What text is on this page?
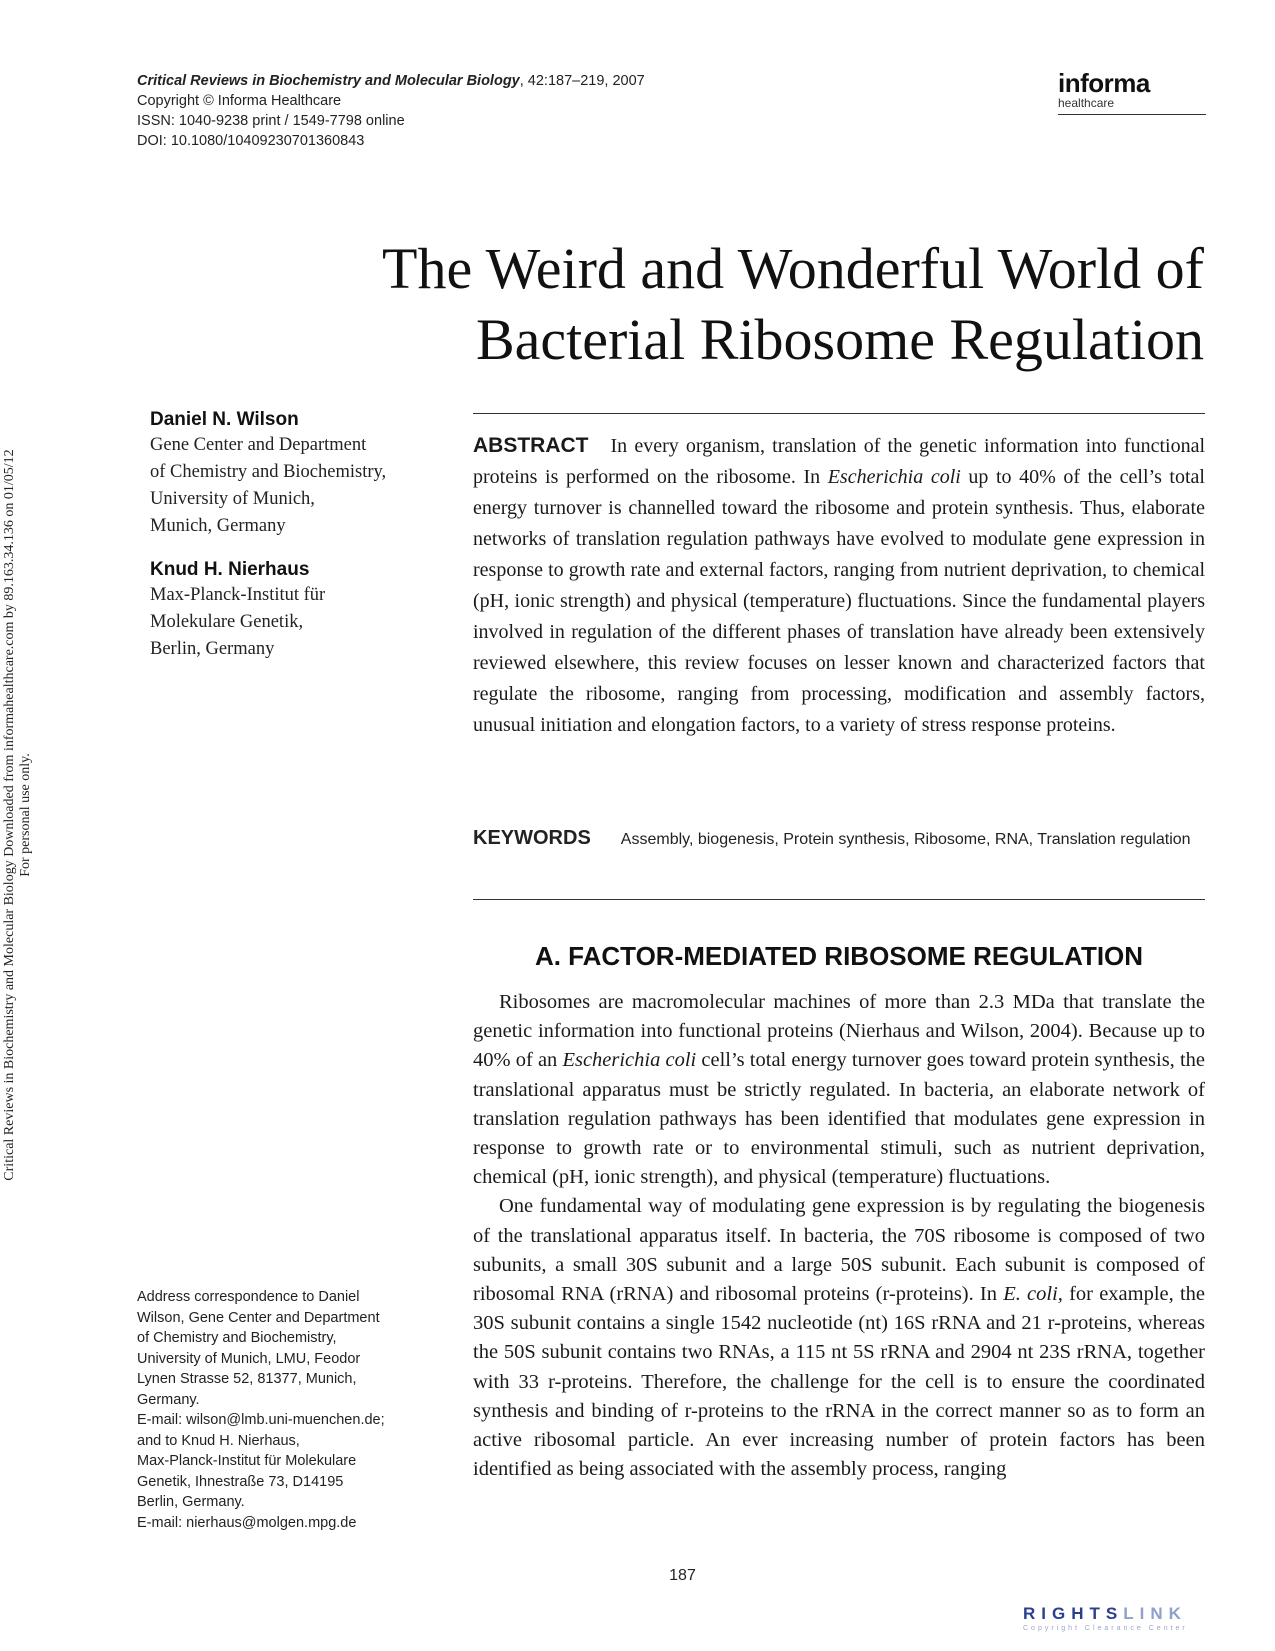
Critical Reviews in Biochemistry and Molecular Biology, 42:187–219, 2007
Copyright © Informa Healthcare
ISSN: 1040-9238 print / 1549-7798 online
DOI: 10.1080/10409230701360843
informa
healthcare
Critical Reviews in Biochemistry and Molecular Biology Downloaded from informahealthcare.com by 89.163.34.136 on 01/05/12 For personal use only.
The Weird and Wonderful World of
Bacterial Ribosome Regulation
Daniel N. Wilson
Gene Center and Department
of Chemistry and Biochemistry,
University of Munich,
Munich, Germany
Knud H. Nierhaus
Max-Planck-Institut für
Molekulare Genetik,
Berlin, Germany
Address correspondence to Daniel
Wilson, Gene Center and Department
of Chemistry and Biochemistry,
University of Munich, LMU, Feodor
Lynen Strasse 52, 81377, Munich,
Germany.
E-mail: wilson@lmb.uni-muenchen.de;
and to Knud H. Nierhaus,
Max-Planck-Institut für Molekulare
Genetik, Ihnestraße 73, D14195
Berlin, Germany.
E-mail: nierhaus@molgen.mpg.de
ABSTRACT In every organism, translation of the genetic information into functional proteins is performed on the ribosome. In Escherichia coli up to 40% of the cell’s total energy turnover is channelled toward the ribosome and protein synthesis. Thus, elaborate networks of translation regulation pathways have evolved to modulate gene expression in response to growth rate and external factors, ranging from nutrient deprivation, to chemical (pH, ionic strength) and physical (temperature) fluctuations. Since the fundamental players involved in regulation of the different phases of translation have already been extensively reviewed elsewhere, this review focuses on lesser known and characterized factors that regulate the ribosome, ranging from processing, modification and assembly factors, unusual initiation and elongation factors, to a variety of stress response proteins.
KEYWORDS Assembly, biogenesis, Protein synthesis, Ribosome, RNA, Translation regulation
A. FACTOR-MEDIATED RIBOSOME REGULATION

Ribosomes are macromolecular machines of more than 2.3 MDa that translate the genetic information into functional proteins (Nierhaus and Wilson, 2004). Because up to 40% of an Escherichia coli cell’s total energy turnover goes toward protein synthesis, the translational apparatus must be strictly regulated. In bacteria, an elaborate network of translation regulation pathways has been identified that modulates gene expression in response to growth rate or to environmental stimuli, such as nutrient deprivation, chemical (pH, ionic strength), and physical (temperature) fluctuations.

One fundamental way of modulating gene expression is by regulating the biogenesis of the translational apparatus itself. In bacteria, the 70S ribosome is composed of two subunits, a small 30S subunit and a large 50S subunit. Each subunit is composed of ribosomal RNA (rRNA) and ribosomal proteins (r-proteins). In E. coli, for example, the 30S subunit contains a single 1542 nucleotide (nt) 16S rRNA and 21 r-proteins, whereas the 50S subunit contains two RNAs, a 115 nt 5S rRNA and 2904 nt 23S rRNA, together with 33 r-proteins. Therefore, the challenge for the cell is to ensure the coordinated synthesis and binding of r-proteins to the rRNA in the correct manner so as to form an active ribosomal particle. An ever increasing number of protein factors has been identified as being associated with the assembly process, ranging

187
RIGHTSLINK
Copyright Clearance Center
